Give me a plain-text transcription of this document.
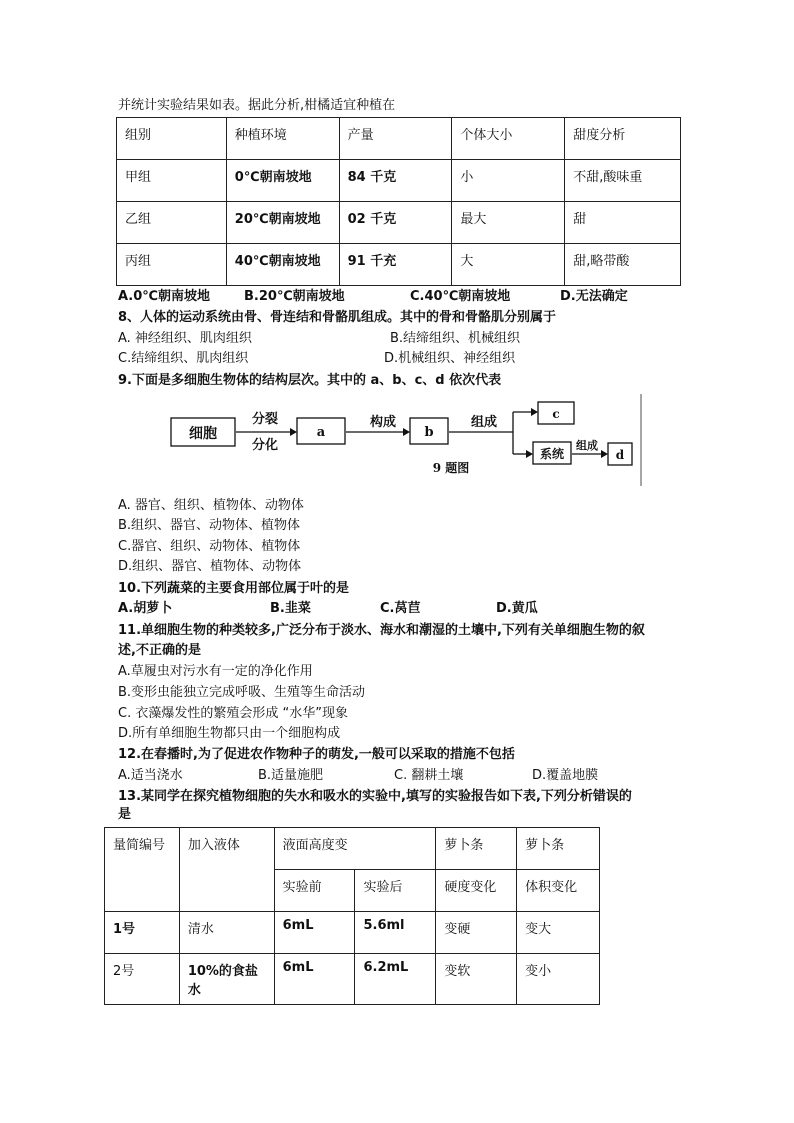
并统计实验结果如表。据此分析,柑橘适宜种植在
组别	种植环境	产量	个体大小	甜度分析
甲组	0℃朝南坡地	84 千克	小	不甜,酸味重
乙组	20℃朝南坡地	02 千克	最大	甜
丙组	40℃朝南坡地	91 千充	大	甜,略带酸
A.0℃朝南坡地	B.20℃朝南坡地	C.40℃朝南坡地	D.无法确定
8、人体的运动系统由骨、骨连结和骨骼肌组成。其中的骨和骨骼肌分别属于
A. 神经组织、肌肉组织	B.结缔组织、机械组织
C.结缔组织、肌肉组织	D.机械组织、神经组织
9.下面是多细胞生物体的结构层次。其中的 a、b、c、d 依次代表
细胞
分裂
分化
a
构成
b
组成
c
系统
组成
d
9 题图
A. 器官、组织、植物体、动物体
B.组织、器官、动物体、植物体
C.器官、组织、动物体、植物体
D.组织、器官、植物体、动物体
10.下列蔬菜的主要食用部位属于叶的是
A.胡萝卜	B.韭菜	C.莴苣	D.黄瓜
11.单细胞生物的种类较多,广泛分布于淡水、海水和潮湿的土壤中,下列有关单细胞生物的叙
述,不正确的是
A.草履虫对污水有一定的净化作用
B.变形虫能独立完成呼吸、生殖等生命活动
C. 衣藻爆发性的繁殖会形成 “水华”现象
D.所有单细胞生物都只由一个细胞构成
12.在春播时,为了促进农作物种子的萌发,一般可以采取的措施不包括
A.适当浇水	B.适量施肥	C. 翻耕土壤	D.覆盖地膜
13.某同学在探究植物细胞的失水和吸水的实验中,填写的实验报告如下表,下列分析错误的
是
量简编号	加入液体	液面高度变		萝卜条	萝卜条
		实验前	实验后	硬度变化	体积变化
1号	清水	6mL	5.6ml	变硬	变大
2号	10%的食盐水	6mL	6.2mL	变软	变小
